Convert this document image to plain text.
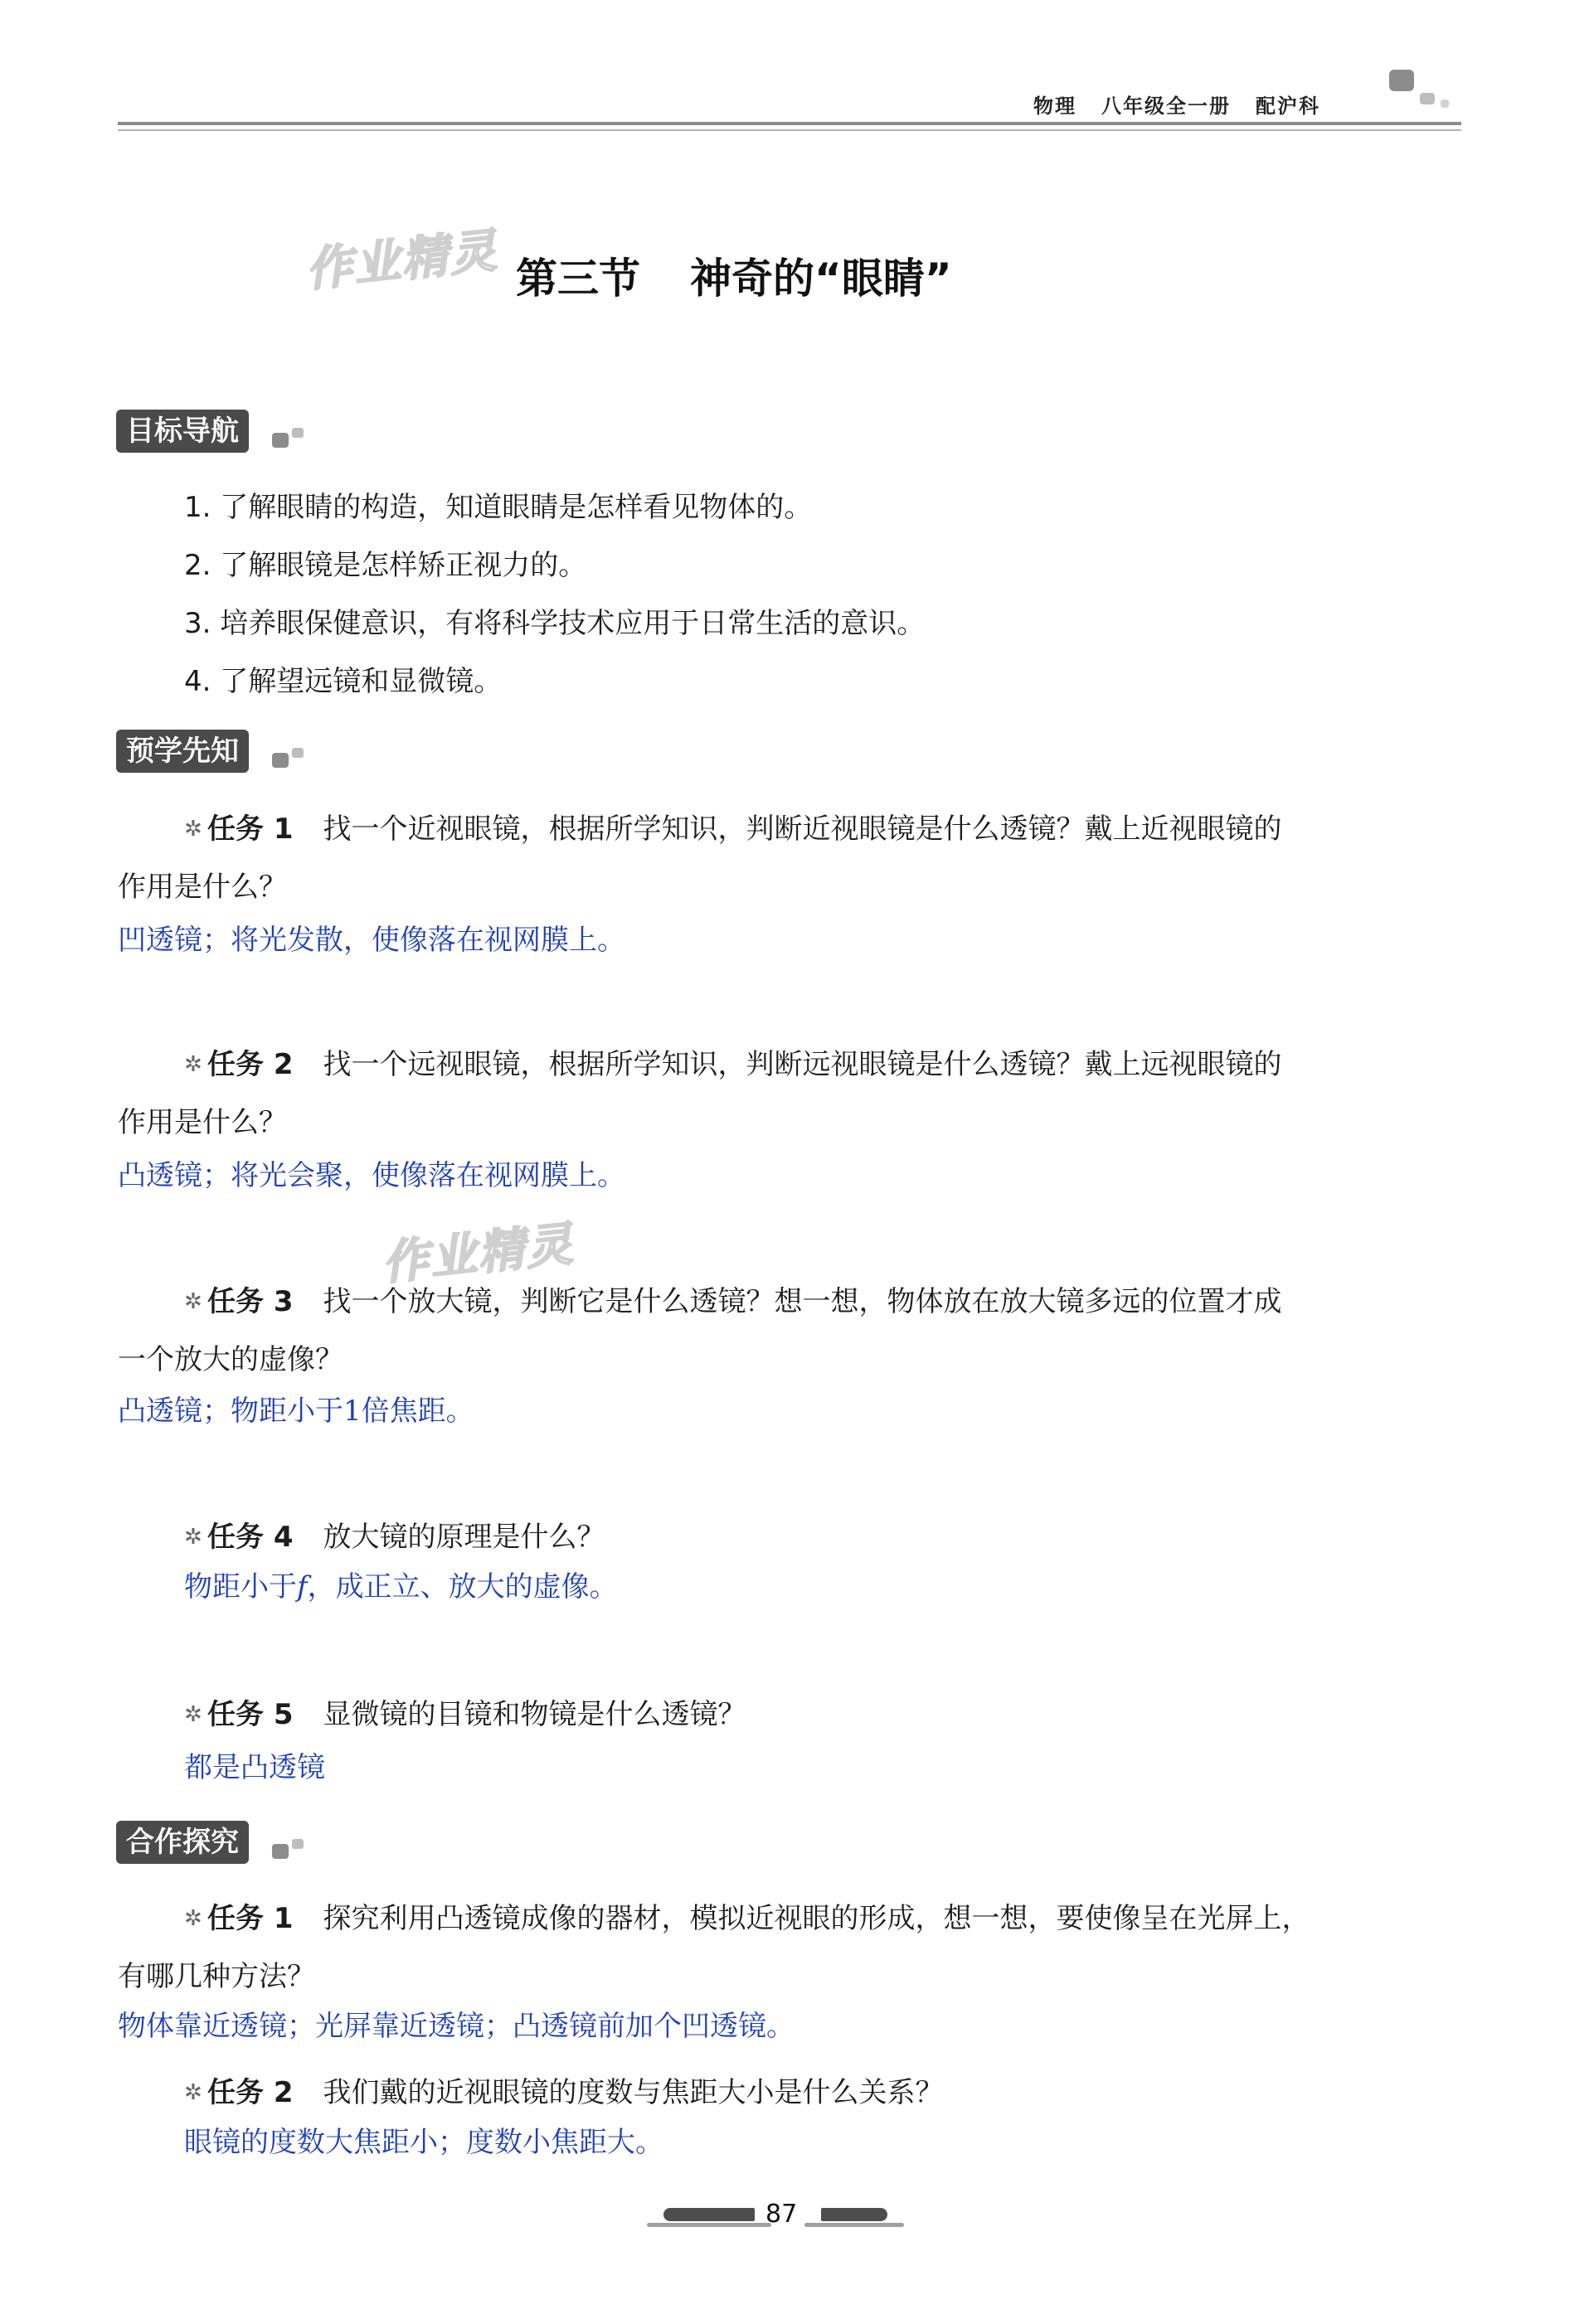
物理 八年级全一册 配沪科
作业精灵 第三节 神奇的“眼睛”
目标导航
1. 了解眼睛的构造，知道眼睛是怎样看见物体的。
2. 了解眼镜是怎样矫正视力的。
3. 培养眼保健意识，有将科学技术应用于日常生活的意识。
4. 了解望远镜和显微镜。
预学先知
✲ 任务 1 找一个近视眼镜，根据所学知识，判断近视眼镜是什么透镜？戴上近视眼镜的
作用是什么？
凹透镜；将光发散，使像落在视网膜上。
✲ 任务 2 找一个远视眼镜，根据所学知识，判断远视眼镜是什么透镜？戴上远视眼镜的
作用是什么？
凸透镜；将光会聚，使像落在视网膜上。
作业精灵
✲ 任务 3 找一个放大镜，判断它是什么透镜？想一想，物体放在放大镜多远的位置才成
一个放大的虚像？
凸透镜；物距小于1倍焦距。
✲ 任务 4 放大镜的原理是什么？
物距小于f，成正立、放大的虚像。
✲ 任务 5 显微镜的目镜和物镜是什么透镜？
都是凸透镜
合作探究
✲ 任务 1 探究利用凸透镜成像的器材，模拟近视眼的形成，想一想，要使像呈在光屏上，
有哪几种方法？
物体靠近透镜；光屏靠近透镜；凸透镜前加个凹透镜。
✲ 任务 2 我们戴的近视眼镜的度数与焦距大小是什么关系？
眼镜的度数大焦距小；度数小焦距大。
87
